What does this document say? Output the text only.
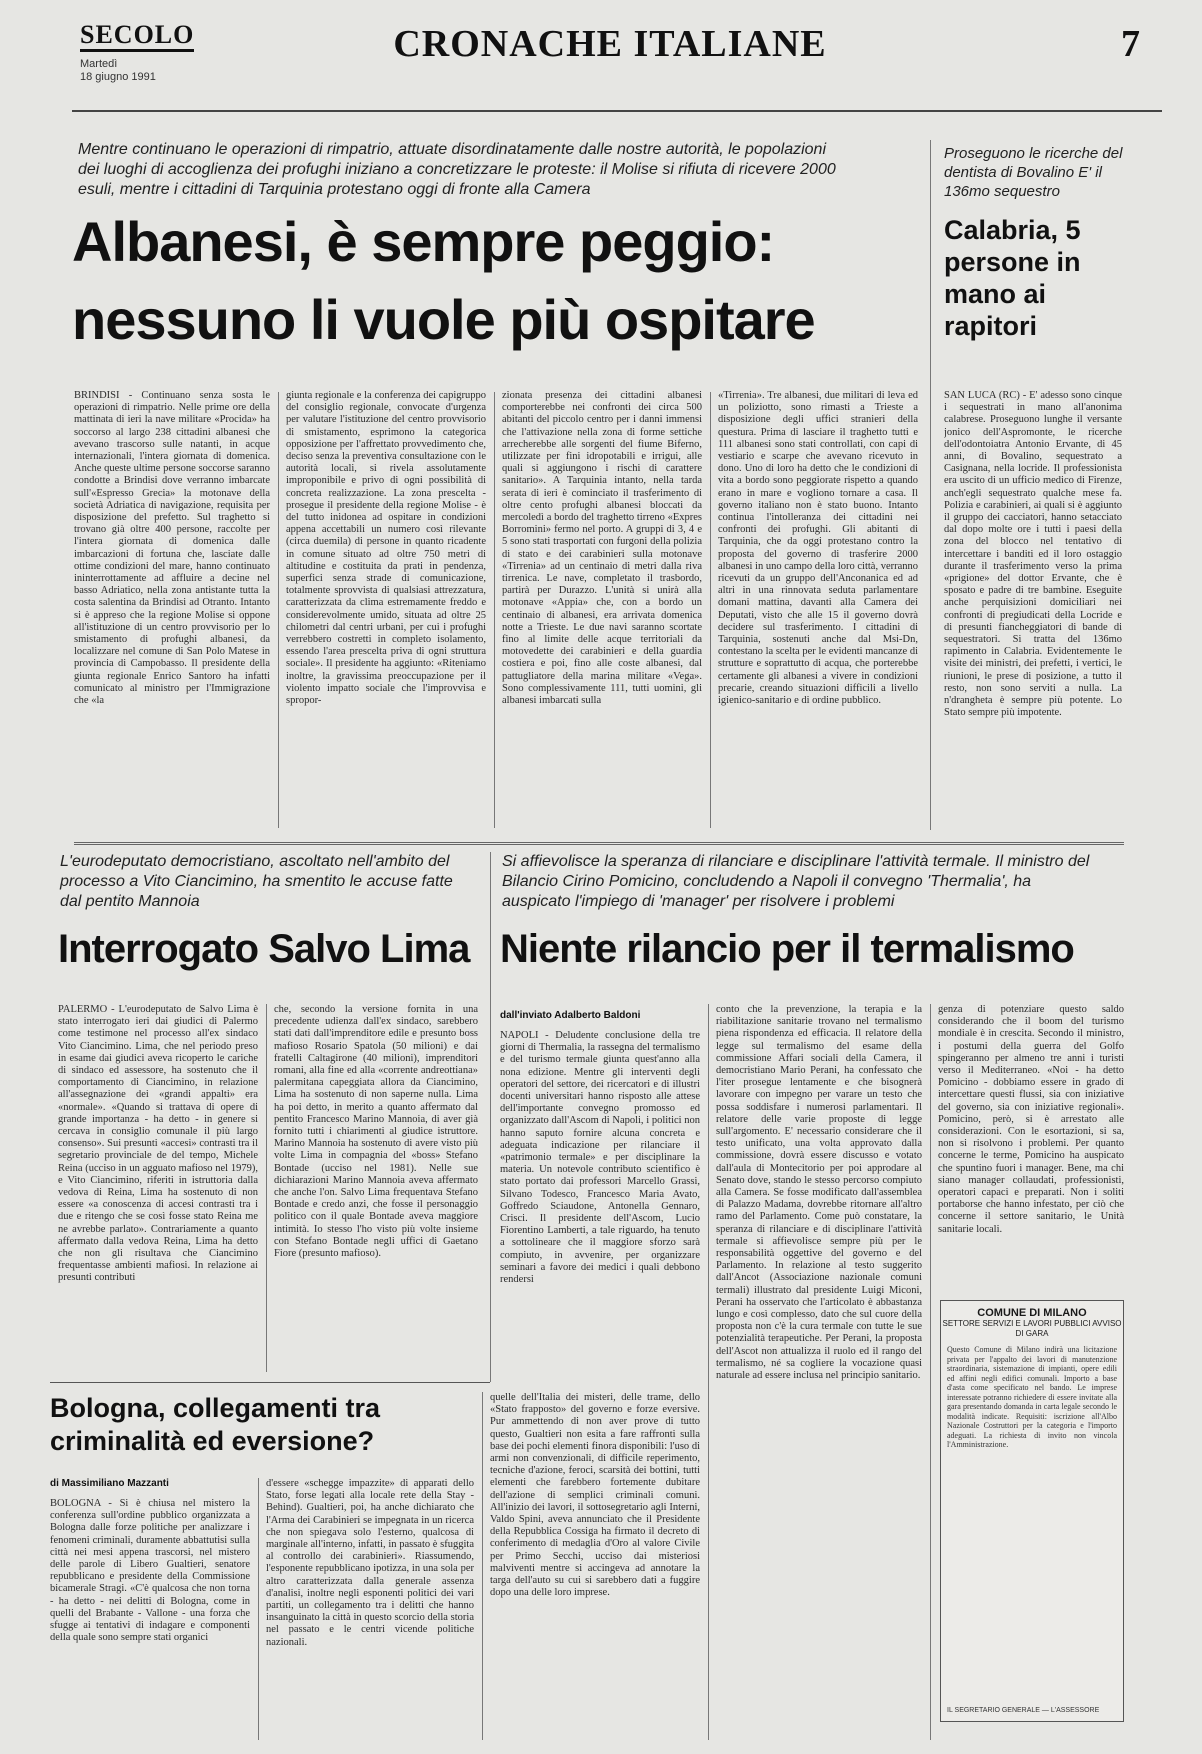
SECOLO
Martedì
18 giugno 1991
CRONACHE ITALIANE	7
Mentre continuano le operazioni di rimpatrio, attuate disordinatamente dalle nostre autorità, le popolazioni dei luoghi di accoglienza dei profughi iniziano a concretizzare le proteste: il Molise si rifiuta di ricevere 2000 esuli, mentre i cittadini di Tarquinia protestano oggi di fronte alla Camera
Albanesi, è sempre peggio:
nessuno li vuole più ospitare
BRINDISI - Continuano senza sosta le operazioni di rimpatrio. Nelle prime ore della mattinata di ieri la nave militare «Procida» ha soccorso al largo 238 cittadini albanesi che avevano trascorso sulle natanti, in acque internazionali, l'intera giornata di domenica. Anche queste ultime persone soccorse saranno condotte a Brindisi dove verranno imbarcate sull'«Espresso Grecia» la motonave della società Adriatica di navigazione, requisita per disposizione del prefetto. Sul traghetto si trovano già oltre 400 persone, raccolte per l'intera giornata di domenica dalle imbarcazioni di fortuna che, lasciate dalle ottime condizioni del mare, hanno continuato ininterrottamente ad affluire a decine nel basso Adriatico, nella zona antistante tutta la costa salentina da Brindisi ad Otranto. Intanto si è appreso che la regione Molise si oppone all'istituzione di un centro provvisorio per lo smistamento di profughi albanesi, da localizzare nel comune di San Polo Matese in provincia di Campobasso. Il presidente della giunta regionale Enrico Santoro ha infatti comunicato al ministro per l'Immigrazione che «la
giunta regionale e la conferenza dei capigruppo del consiglio regionale, convocate d'urgenza per valutare l'istituzione del centro provvisorio di smistamento, esprimono la categorica opposizione per l'affrettato provvedimento che, deciso senza la preventiva consultazione con le autorità locali, si rivela assolutamente improponibile e privo di ogni possibilità di concreta realizzazione. La zona prescelta - prosegue il presidente della regione Molise - è del tutto inidonea ad ospitare in condizioni appena accettabili un numero così rilevante (circa duemila) di persone in quanto ricadente in comune situato ad oltre 750 metri di altitudine e costituita da prati in pendenza, superfici senza strade di comunicazione, totalmente sprovvista di qualsiasi attrezzatura, caratterizzata da clima estremamente freddo e considerevolmente umido, situata ad oltre 25 chilometri dal centri urbani, per cui i profughi verrebbero costretti in completo isolamento, essendo l'area prescelta priva di ogni struttura sociale». Il presidente ha aggiunto: «Riteniamo inoltre, la gravissima preoccupazione per il violento impatto sociale che l'improvvisa e spropor-
zionata presenza dei cittadini albanesi comporterebbe nei confronti dei circa 500 abitanti del piccolo centro per i danni immensi che l'attivazione nella zona di forme settiche arrecherebbe alle sorgenti del fiume Biferno, utilizzate per fini idropotabili e irrigui, alle quali si aggiungono i rischi di carattere sanitario». A Tarquinia intanto, nella tarda serata di ieri è cominciato il trasferimento di oltre cento profughi albanesi bloccati da mercoledì a bordo del traghetto tirreno «Expres Borromini» fermo nel porto. A gruppi di 3, 4 e 5 sono stati trasportati con furgoni della polizia di stato e dei carabinieri sulla motonave «Tirrenia» ad un centinaio di metri dalla riva tirrenica. Le nave, completato il trasbordo, partirà per Durazzo. L'unità si unirà alla motonave «Appia» che, con a bordo un centinaio di albanesi, era arrivata domenica notte a Trieste. Le due navi saranno scortate fino al limite delle acque territoriali da motovedette dei carabinieri e della guardia costiera e poi, fino alle coste albanesi, dal pattugliatore della marina militare «Vega». Sono complessivamente 111, tutti uomini, gli albanesi imbarcati sulla
«Tirrenia». Tre albanesi, due militari di leva ed un poliziotto, sono rimasti a Trieste a disposizione degli uffici stranieri della questura. Prima di lasciare il traghetto tutti e 111 albanesi sono stati controllati, con capi di vestiario e scarpe che avevano ricevuto in dono. Uno di loro ha detto che le condizioni di vita a bordo sono peggiorate rispetto a quando erano in mare e vogliono tornare a casa. Il governo italiano non è stato buono. Intanto continua l'intolleranza dei cittadini nei confronti dei profughi. Gli abitanti di Tarquinia, che da oggi protestano contro la proposta del governo di trasferire 2000 albanesi in uno campo della loro città, verranno ricevuti da un gruppo dell'Anconanica ed ad altri in una rinnovata seduta parlamentare domani mattina, davanti alla Camera dei Deputati, visto che alle 15 il governo dovrà decidere sul trasferimento. I cittadini di Tarquinia, sostenuti anche dal Msi-Dn, contestano la scelta per le evidenti mancanze di strutture e soprattutto di acqua, che porterebbe certamente gli albanesi a vivere in condizioni precarie, creando situazioni difficili a livello igienico-sanitario e di ordine pubblico.
Proseguono le ricerche del dentista di Bovalino E' il 136mo sequestro
Calabria, 5 persone in mano ai rapitori
SAN LUCA (RC) - E' adesso sono cinque i sequestrati in mano all'anonima calabrese. Proseguono lunghe il versante jonico dell'Aspromonte, le ricerche dell'odontoiatra Antonio Ervante, di 45 anni, di Bovalino, sequestrato a Casignana, nella locride. Il professionista era uscito di un ufficio medico di Firenze, anch'egli sequestrato qualche mese fa. Polizia e carabinieri, ai quali si è aggiunto il gruppo dei cacciatori, hanno setacciato dal dopo molte ore i tutti i paesi della zona del blocco nel tentativo di intercettare i banditi ed il loro ostaggio durante il trasferimento verso la prima «prigione» del dottor Ervante, che è sposato e padre di tre bambine. Eseguite anche perquisizioni domiciliari nei confronti di pregiudicati della Locride e di presunti fiancheggiatori di bande di sequestratori. Si tratta del 136mo rapimento in Calabria. Evidentemente le visite dei ministri, dei prefetti, i vertici, le riunioni, le prese di posizione, a tutto il resto, non sono serviti a nulla. La n'drangheta è sempre più potente. Lo Stato sempre più impotente.
L'eurodeputato democristiano, ascoltato nell'ambito del processo a Vito Ciancimino, ha smentito le accuse fatte dal pentito Mannoia
Interrogato Salvo Lima
PALERMO - L'eurodeputato de Salvo Lima è stato interrogato ieri dai giudici di Palermo come testimone nel processo all'ex sindaco Vito Ciancimino. Lima, che nel periodo preso in esame dai giudici aveva ricoperto le cariche di sindaco ed assessore, ha sostenuto che il comportamento di Ciancimino, in relazione all'assegnazione dei «grandi appalti» era «normale». «Quando si trattava di opere di grande importanza - ha detto - in genere si cercava in consiglio comunale il più largo consenso». Sui presunti «accesi» contrasti tra il segretario provinciale de del tempo, Michele Reina (ucciso in un agguato mafioso nel 1979), e Vito Ciancimino, riferiti in istruttoria dalla vedova di Reina, Lima ha sostenuto di non essere «a conoscenza di accesi contrasti tra i due e ritengo che se così fosse stato Reina me ne avrebbe parlato». Contrariamente a quanto affermato dalla vedova Reina, Lima ha detto che non gli risultava che Ciancimino frequentasse ambienti mafiosi. In relazione ai presunti contributi
che, secondo la versione fornita in una precedente udienza dall'ex sindaco, sarebbero stati dati dall'imprenditore edile e presunto boss mafioso Rosario Spatola (50 milioni) e dai fratelli Caltagirone (40 milioni), imprenditori romani, alla fine ed alla «corrente andreottiana» palermitana capeggiata allora da Ciancimino, Lima ha sostenuto di non saperne nulla. Lima ha poi detto, in merito a quanto affermato dal pentito Francesco Marino Mannoia, di aver già fornito tutti i chiarimenti al giudice istruttore. Marino Mannoia ha sostenuto di avere visto più volte Lima in compagnia del «boss» Stefano Bontade (ucciso nel 1981). Nelle sue dichiarazioni Marino Mannoia aveva affermato che anche l'on. Salvo Lima frequentava Stefano Bontade e credo anzi, che fosse il personaggio politico con il quale Bontade aveva maggiore intimità. Io stesso l'ho visto più volte insieme con Stefano Bontade negli uffici di Gaetano Fiore (presunto mafioso).
Si affievolisce la speranza di rilanciare e disciplinare l'attività termale. Il ministro del Bilancio Cirino Pomicino, concludendo a Napoli il convegno 'Thermalia', ha auspicato l'impiego di 'manager' per risolvere i problemi
Niente rilancio per il termalismo
dall'inviato Adalberto Baldoni
NAPOLI - Deludente conclusione della tre giorni di Thermalia, la rassegna del termalismo e del turismo termale giunta quest'anno alla nona edizione. Mentre gli interventi degli operatori del settore, dei ricercatori e di illustri docenti universitari hanno risposto alle attese dell'importante convegno promosso ed organizzato dall'Ascom di Napoli, i politici non hanno saputo fornire alcuna concreta e adeguata indicazione per rilanciare il «patrimonio termale» e per disciplinare la materia. Un notevole contributo scientifico è stato portato dai professori Marcello Grassi, Silvano Todesco, Francesco Maria Avato, Goffredo Sciaudone, Antonella Gennaro, Crisci. Il presidente dell'Ascom, Lucio Fiorentino Lamberti, a tale riguardo, ha tenuto a sottolineare che il maggiore sforzo sarà compiuto, in avvenire, per organizzare seminari a favore dei medici i quali debbono rendersi
conto che la prevenzione, la terapia e la riabilitazione sanitarie trovano nel termalismo piena rispondenza ed efficacia. Il relatore della legge sul termalismo del esame della commissione Affari sociali della Camera, il democristiano Mario Perani, ha confessato che l'iter prosegue lentamente e che bisognerà lavorare con impegno per varare un testo che possa soddisfare i numerosi parlamentari. Il relatore delle varie proposte di legge sull'argomento. E' necessario considerare che il testo unificato, una volta approvato dalla commissione, dovrà essere discusso e votato dall'aula di Montecitorio per poi approdare al Senato dove, stando le stesso percorso compiuto alla Camera. Se fosse modificato dall'assemblea di Palazzo Madama, dovrebbe ritornare all'altro ramo del Parlamento. Come può constatare, la speranza di rilanciare e di disciplinare l'attività termale si affievolisce sempre più per le responsabilità oggettive del governo e del Parlamento. In relazione al testo suggerito dall'Ancot (Associazione nazionale comuni termali) illustrato dal presidente Luigi Miconi, Perani ha osservato che l'articolato è abbastanza lungo e così complesso, dato che sul cuore della proposta non c'è la cura termale con tutte le sue potenzialità terapeutiche. Per Perani, la proposta dell'Ascot non attualizza il ruolo ed il rango del termalismo, né sa cogliere la vocazione quasi naturale ad essere inclusa nel principio sanitario.
genza di potenziare questo saldo considerando che il boom del turismo mondiale è in crescita. Secondo il ministro, i postumi della guerra del Golfo spingeranno per almeno tre anni i turisti verso il Mediterraneo. «Noi - ha detto Pomicino - dobbiamo essere in grado di intercettare questi flussi, sia con iniziative del governo, sia con iniziative regionali». Pomicino, però, si è arrestato alle considerazioni. Con le esortazioni, si sa, non si risolvono i problemi. Per quanto concerne le terme, Pomicino ha auspicato che spuntino fuori i manager. Bene, ma chi siano manager collaudati, professionisti, operatori capaci e preparati. Non i soliti portaborse che hanno infestato, per ciò che concerne il settore sanitario, le Unità sanitarie locali.
COMUNE DI MILANO
SETTORE SERVIZI E LAVORI PUBBLICI AVVISO DI GARA
Questo Comune di Milano indirà una licitazione privata per l'appalto dei lavori di manutenzione straordinaria, sistemazione di impianti, opere edili ed affini negli edifici comunali. Importo a base d'asta come specificato nel bando. Le imprese interessate potranno richiedere di essere invitate alla gara presentando domanda in carta legale secondo le modalità indicate. Requisiti: iscrizione all'Albo Nazionale Costruttori per la categoria e l'importo adeguati. La richiesta di invito non vincola l'Amministrazione.
IL SEGRETARIO GENERALE — L'ASSESSORE
Bologna, collegamenti tra criminalità ed eversione?
di Massimiliano Mazzanti
BOLOGNA - Si è chiusa nel mistero la conferenza sull'ordine pubblico organizzata a Bologna dalle forze politiche per analizzare i fenomeni criminali, duramente abbattutisi sulla città nei mesi appena trascorsi, nel mistero delle parole di Libero Gualtieri, senatore repubblicano e presidente della Commissione bicamerale Stragi. «C'è qualcosa che non torna - ha detto - nei delitti di Bologna, come in quelli del Brabante - Vallone - una forza che sfugge ai tentativi di indagare e componenti della quale sono sempre stati organici
d'essere «schegge impazzite» di apparati dello Stato, forse legati alla locale rete della Stay - Behind). Gualtieri, poi, ha anche dichiarato che l'Arma dei Carabinieri se impegnata in un ricerca che non spiegava solo l'esterno, qualcosa di marginale all'interno, infatti, in passato è sfuggita al controllo dei carabinieri». Riassumendo, l'esponente repubblicano ipotizza, in una sola per altro caratterizzata dalla generale assenza d'analisi, inoltre negli esponenti politici dei vari partiti, un collegamento tra i delitti che hanno insanguinato la città in questo scorcio della storia nel passato e le centri vicende politiche nazionali.
quelle dell'Italia dei misteri, delle trame, dello «Stato frapposto» del governo e forze eversive. Pur ammettendo di non aver prove di tutto questo, Gualtieri non esita a fare raffronti sulla base dei pochi elementi finora disponibili: l'uso di armi non convenzionali, di difficile reperimento, tecniche d'azione, feroci, scarsità dei bottini, tutti elementi che farebbero fortemente dubitare dell'azione di semplici criminali comuni. All'inizio dei lavori, il sottosegretario agli Interni, Valdo Spini, aveva annunciato che il Presidente della Repubblica Cossiga ha firmato il decreto di conferimento di medaglia d'Oro al valore Civile per Primo Secchi, ucciso dai misteriosi malviventi mentre si accingeva ad annotare la targa dell'auto su cui si sarebbero dati a fuggire dopo una delle loro imprese.
